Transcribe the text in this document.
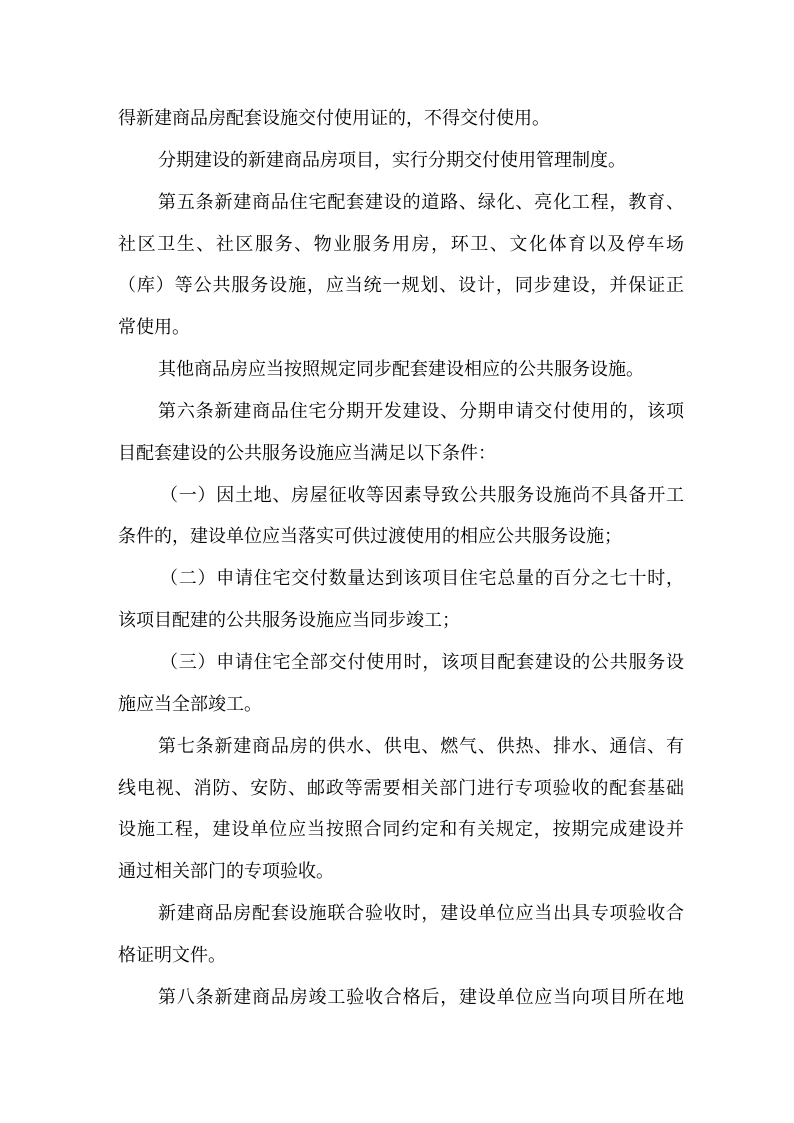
得新建商品房配套设施交付使用证的，不得交付使用。
分期建设的新建商品房项目，实行分期交付使用管理制度。
第五条新建商品住宅配套建设的道路、绿化、亮化工程，教育、
社区卫生、社区服务、物业服务用房，环卫、文化体育以及停车场
（库）等公共服务设施，应当统一规划、设计，同步建设，并保证正
常使用。
其他商品房应当按照规定同步配套建设相应的公共服务设施。
第六条新建商品住宅分期开发建设、分期申请交付使用的，该项
目配套建设的公共服务设施应当满足以下条件：
（一）因土地、房屋征收等因素导致公共服务设施尚不具备开工
条件的，建设单位应当落实可供过渡使用的相应公共服务设施；
（二）申请住宅交付数量达到该项目住宅总量的百分之七十时，
该项目配建的公共服务设施应当同步竣工；
（三）申请住宅全部交付使用时，该项目配套建设的公共服务设
施应当全部竣工。
第七条新建商品房的供水、供电、燃气、供热、排水、通信、有
线电视、消防、安防、邮政等需要相关部门进行专项验收的配套基础
设施工程，建设单位应当按照合同约定和有关规定，按期完成建设并
通过相关部门的专项验收。
新建商品房配套设施联合验收时，建设单位应当出具专项验收合
格证明文件。
第八条新建商品房竣工验收合格后，建设单位应当向项目所在地
